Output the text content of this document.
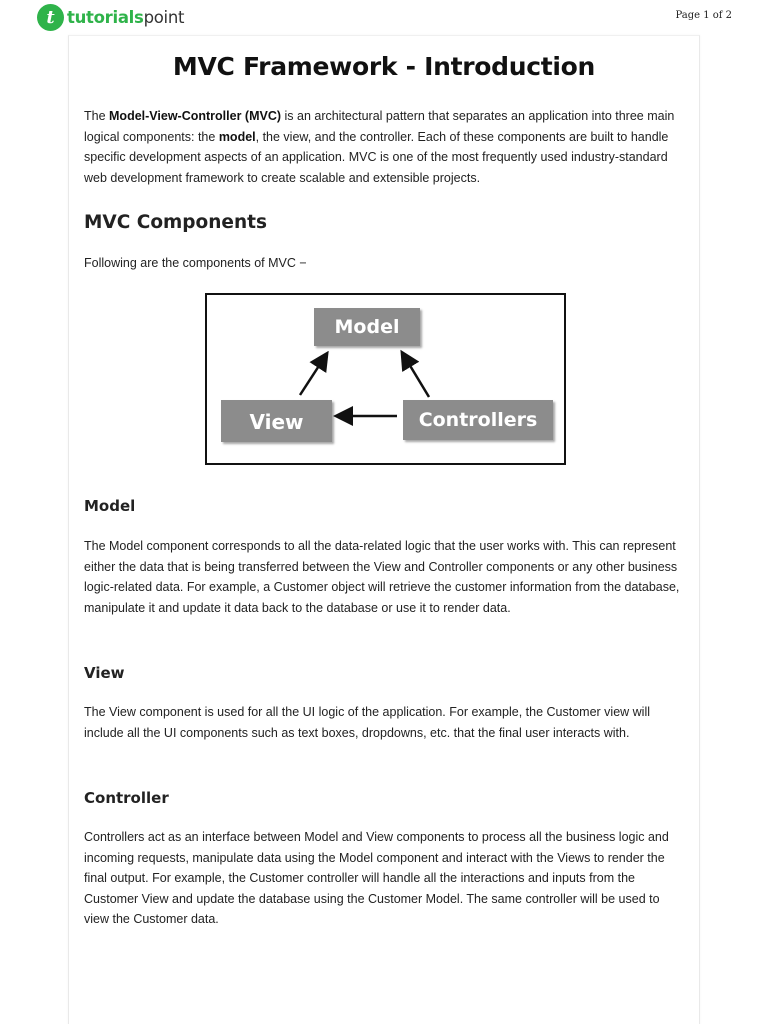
t tutorialspoint	Page 1 of 2
MVC Framework - Introduction

The Model-View-Controller (MVC) is an architectural pattern that separates an application into three main logical components: the model, the view, and the controller. Each of these components are built to handle specific development aspects of an application. MVC is one of the most frequently used industry-standard web development framework to create scalable and extensible projects.

MVC Components

Following are the components of MVC −

Model
View	Controllers
Model

The Model component corresponds to all the data-related logic that the user works with. This can represent either the data that is being transferred between the View and Controller components or any other business logic-related data. For example, a Customer object will retrieve the customer information from the database, manipulate it and update it data back to the database or use it to render data.

View

The View component is used for all the UI logic of the application. For example, the Customer view will include all the UI components such as text boxes, dropdowns, etc. that the final user interacts with.

Controller

Controllers act as an interface between Model and View components to process all the business logic and incoming requests, manipulate data using the Model component and interact with the Views to render the final output. For example, the Customer controller will handle all the interactions and inputs from the Customer View and update the database using the Customer Model. The same controller will be used to view the Customer data.
